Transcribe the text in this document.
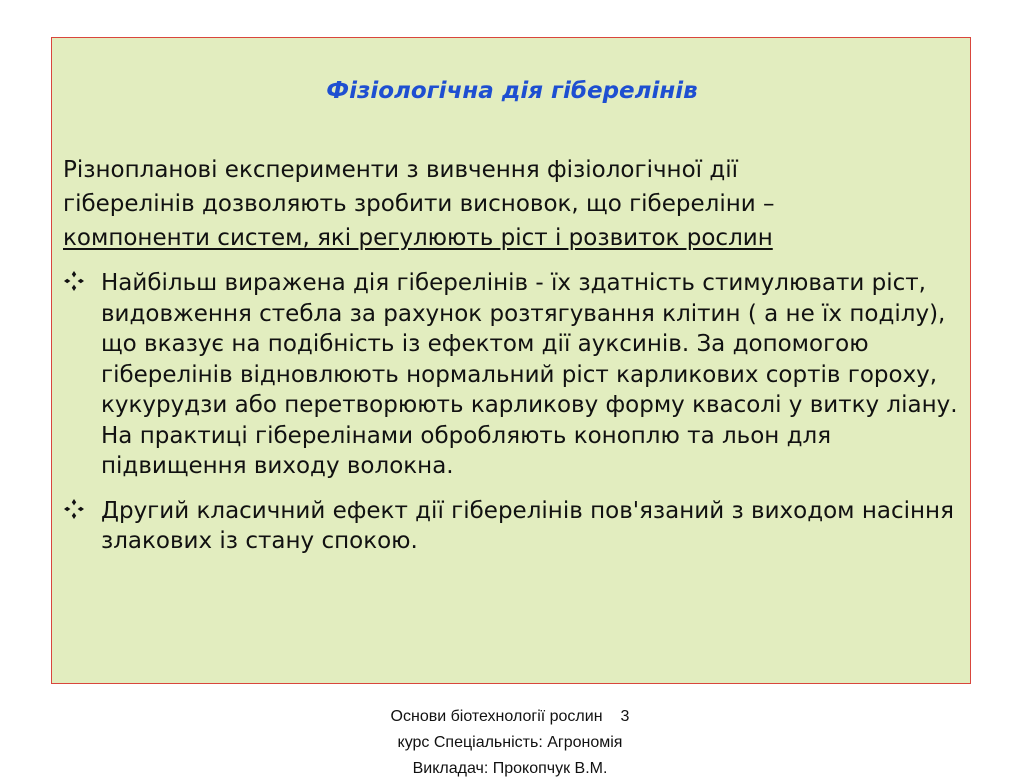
Фізіологічна дія гіберелінів
Різнопланові експерименти з вивчення фізіологічної дії
гіберелінів дозволяють зробити висновок, що гібереліни –
компоненти систем, які регулюють ріст і розвиток рослин
Найбільш виражена дія гіберелінів - їх здатність стимулювати ріст, видовження стебла за рахунок розтягування клітин ( а не їх поділу), що вказує на подібність із ефектом дії ауксинів. За допомогою гіберелінів відновлюють нормальний ріст карликових сортів гороху, кукурудзи або перетворюють карликову форму квасолі у витку ліану. На практиці гіберелінами обробляють коноплю та льон для підвищення виходу волокна.
Другий класичний ефект дії гіберелінів пов'язаний з виходом насіння злакових із стану спокою.
Основи біотехнології рослин 3
курс Спеціальність: Агрономія
Викладач: Прокопчук В.М.
